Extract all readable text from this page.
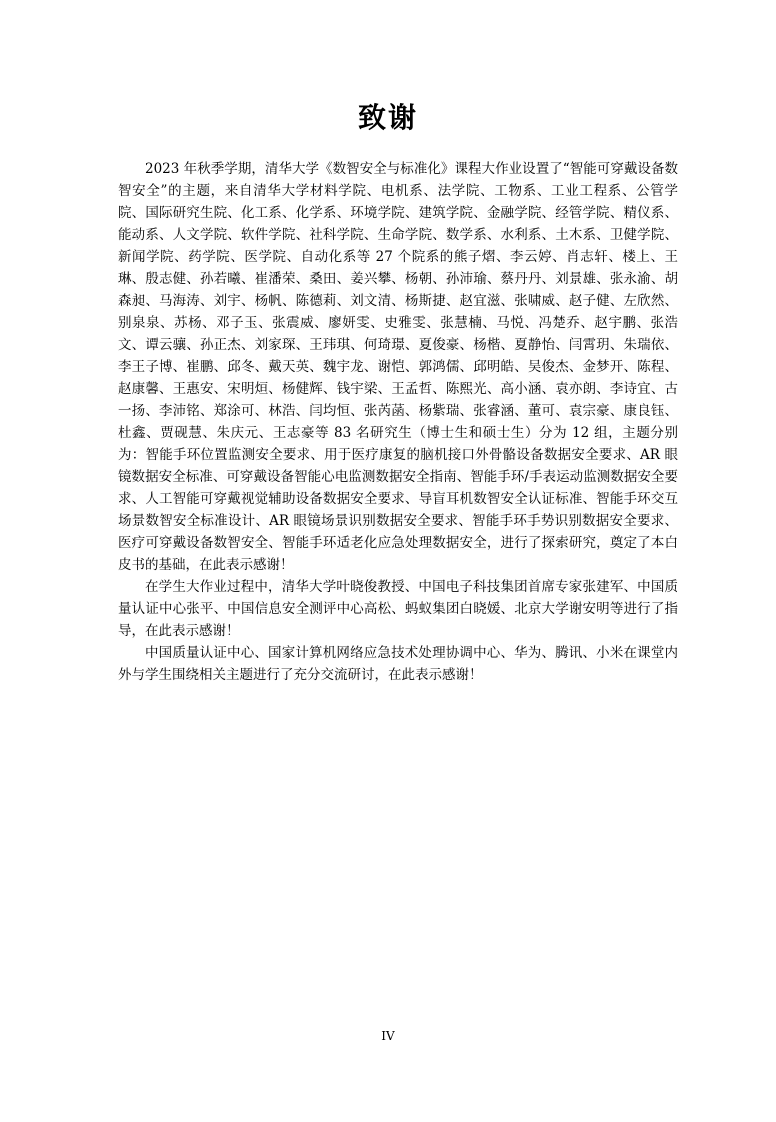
致谢

2023 年秋季学期，清华大学《数智安全与标准化》课程大作业设置了“智能可穿戴设备数智安全”的主题，来自清华大学材料学院、电机系、法学院、工物系、工业工程系、公管学院、国际研究生院、化工系、化学系、环境学院、建筑学院、金融学院、经管学院、精仪系、能动系、人文学院、软件学院、社科学院、生命学院、数学系、水利系、土木系、卫健学院、新闻学院、药学院、医学院、自动化系等 27 个院系的熊子熠、李云婷、肖志轩、楼上、王琳、殷志健、孙若曦、崔潘荣、桑田、姜兴攀、杨朝、孙沛瑜、蔡丹丹、刘景雄、张永渝、胡森昶、马海涛、刘宇、杨帆、陈德莉、刘文清、杨斯捷、赵宜滋、张啸威、赵子健、左欣然、别泉泉、苏杨、邓子玉、张震威、廖妍雯、史雅雯、张慧楠、马悦、冯楚乔、赵宇鹏、张浩文、谭云骧、孙正杰、刘家琛、王玮琪、何琦璟、夏俊豪、杨楷、夏静怡、闫霄玥、朱瑞依、李王子博、崔鹏、邱冬、戴天英、魏宇龙、谢恺、郭鸿儒、邱明皓、吴俊杰、金梦开、陈程、赵康馨、王惠安、宋明烜、杨健辉、钱宇梁、王孟哲、陈熙光、高小涵、袁亦朗、李诗宜、古一扬、李沛铭、郑涂可、林浩、闫均恒、张芮菡、杨紫瑞、张睿涵、董可、袁宗豪、康良钰、杜鑫、贾砚慧、朱庆元、王志豪等 83 名研究生（博士生和硕士生）分为 12 组，主题分别为：智能手环位置监测安全要求、用于医疗康复的脑机接口外骨骼设备数据安全要求、AR 眼镜数据安全标准、可穿戴设备智能心电监测数据安全指南、智能手环/手表运动监测数据安全要求、人工智能可穿戴视觉辅助设备数据安全要求、导盲耳机数智安全认证标准、智能手环交互场景数智安全标准设计、AR 眼镜场景识别数据安全要求、智能手环手势识别数据安全要求、医疗可穿戴设备数智安全、智能手环适老化应急处理数据安全，进行了探索研究，奠定了本白皮书的基础，在此表示感谢！

在学生大作业过程中，清华大学叶晓俊教授、中国电子科技集团首席专家张建军、中国质量认证中心张平、中国信息安全测评中心高松、蚂蚁集团白晓媛、北京大学谢安明等进行了指导，在此表示感谢！

中国质量认证中心、国家计算机网络应急技术处理协调中心、华为、腾讯、小米在课堂内外与学生围绕相关主题进行了充分交流研讨，在此表示感谢！

IV
